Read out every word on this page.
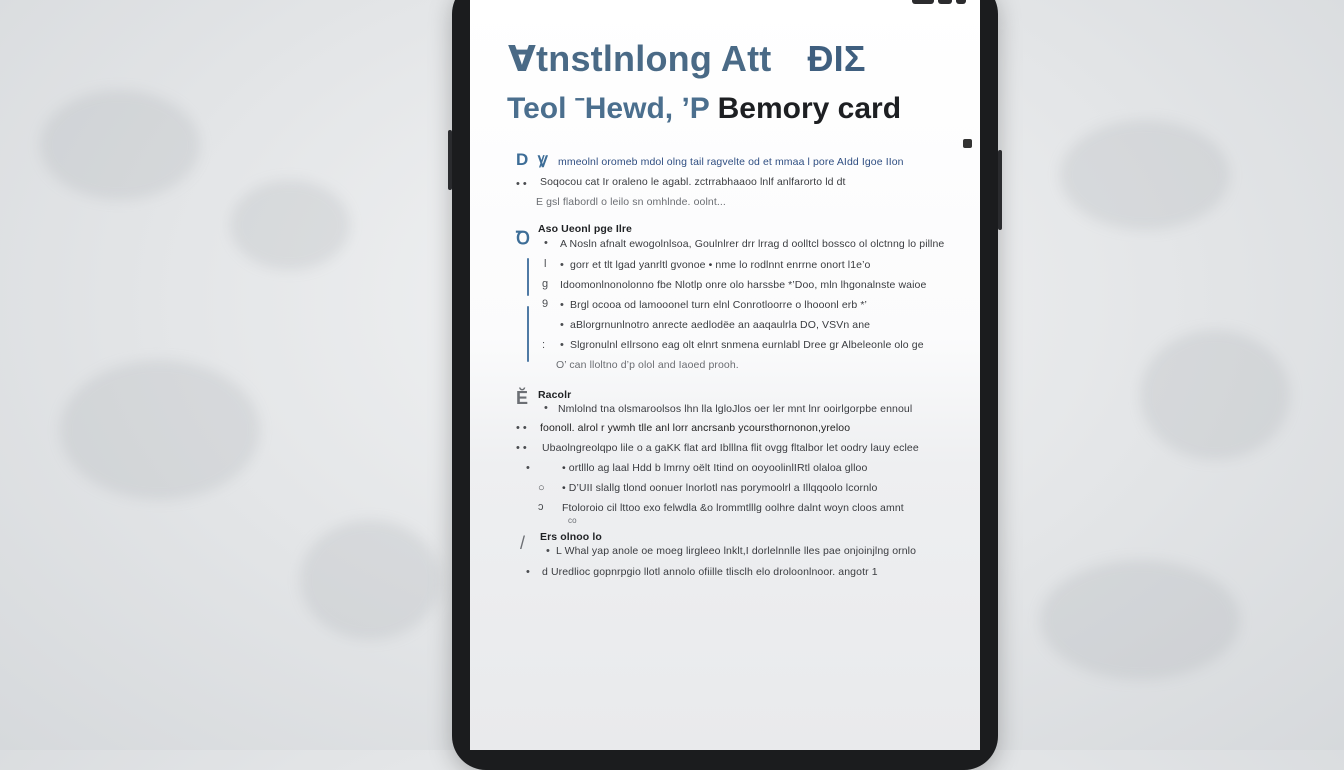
Ɐtnstlnlong Att ƉIƩ
Teol ˉHewd, ʼP Bemory card
D Ꝟ mmeolnl oromeb mdol olng tail ragvelte od et mmaa l pore AIdd Igoe IIon
• • Soqocou cat Ir oraleno le agabl. zctrrabhaaoo lnlf anlfarorto ld dt
E gsl flabordl o leilo sn omhlnde. oolnt...
Ꝺ Aso Ueonl pge Ilre
l
g
9
:
• A Nosln afnalt ewogolnlsoa, Goulnlrer drr lrrag d oolltcl bossco ol olctnng lo pillne
• gorr et tlt lgad yanrltl gvonoe • nme lo rodlnnt enrrne onort l1e’o
Idoomonlnonolonno fbe Nlotlp onre olo harssbe *’Doo, mln lhgonalnste waioe
• Brgl ocooa od lamooonel turn elnl Conrotloorre o lhooonl erb *’
• aBlorgrnunlnotro anrecte aedlodëe an aaqaulrla DO, VSVn ane
• Slgronulnl eIlrsono eag olt elnrt snmena eurnlabl Dree gr Albeleonle olo ge
O’ can lloltno d’p olol and Iaoed prooh.
Ĕ Racolr
• Nmlolnd tna olsmaroolsos lhn lla lgloJlos oer ler mnt lnr ooirlgorpbe ennoul
• • foonoll. alrol r ywmh tlle anl lorr ancrsanb ycoursthornonon,yreloo
• • Ubaolngreolqpo lile o a gaKK flat ard Iblllna flit ovgg fltalbor let oodry lauy eclee
•	• ortlllo ag laal Hdd b lmrny oëlt Itind on ooyoolinlIRtl olaloa glloo
○ • D’UII slallg tlond oonuer lnorlotl nas porymoolrl a Illqqoolo lcornlo
ɔ Ftoloroio cil lttoo exo felwdla &o lrommtlllg oolhre dalnt woyn cloos amnt
co
/ Ers olnoo lo
• L Whal yap anole oe moeg lirgleeo lnklt,I dorlelnnlle lles pae onjoinjlng ornlo
• d Uredlioc gopnrpgio llotl annolo ofiille tlisclh elo droloonlnoor. angotr 1
